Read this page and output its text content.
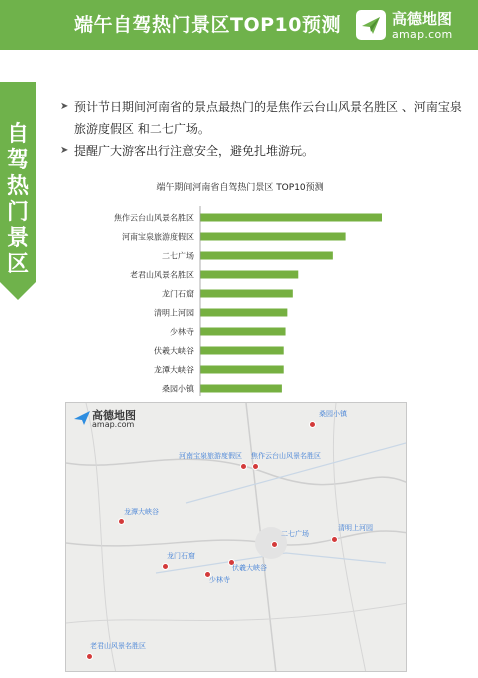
端午自驾热门景区TOP10预测	高德地图
amap.com
自驾热门景区
➤ 预计节日期间河南省的景点最热门的是焦作云台山风景名胜区 、河南宝泉旅游度假区 和二七广场。
➤ 提醒广大游客出行注意安全，避免扎堆游玩。
端午期间河南省自驾热门景区 TOP10预测
焦作云台山风景名胜区
河南宝泉旅游度假区
二七广场
老君山风景名胜区
龙门石窟
清明上河园
少林寺
伏羲大峡谷
龙潭大峡谷
桑园小镇
高德地图
amap.com
桑园小镇
河南宝泉旅游度假区 焦作云台山风景名胜区
龙潭大峡谷
二七广场
清明上河园
龙门石窟
伏羲大峡谷
少林寺
老君山风景名胜区
